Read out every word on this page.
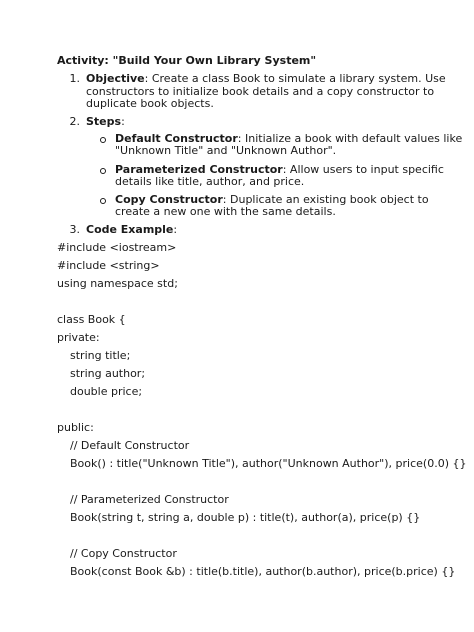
Activity: "Build Your Own Library System"
1. Objective: Create a class Book to simulate a library system. Use
constructors to initialize book details and a copy constructor to
duplicate book objects.
2. Steps:
Default Constructor: Initialize a book with default values like
"Unknown Title" and "Unknown Author".
Parameterized Constructor: Allow users to input specific
details like title, author, and price.
Copy Constructor: Duplicate an existing book object to
create a new one with the same details.
3. Code Example:
#include <iostream>
#include <string>
using namespace std;
class Book {
private:
string title;
string author;
double price;
public:
// Default Constructor
Book() : title("Unknown Title"), author("Unknown Author"), price(0.0) {}
// Parameterized Constructor
Book(string t, string a, double p) : title(t), author(a), price(p) {}
// Copy Constructor
Book(const Book &b) : title(b.title), author(b.author), price(b.price) {}
